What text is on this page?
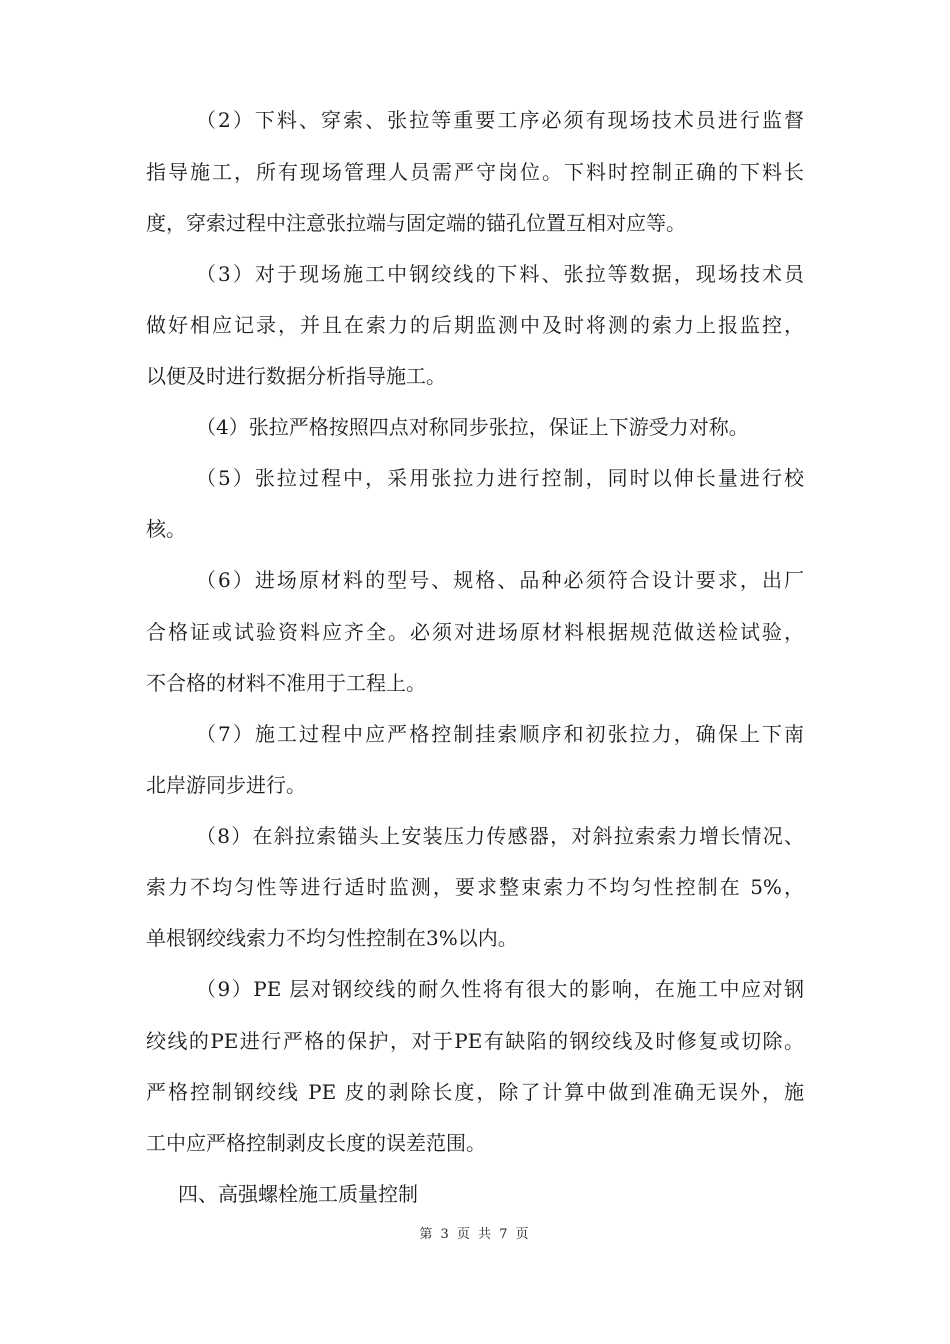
（2）下料、穿索、张拉等重要工序必须有现场技术员进行监督
指导施工，所有现场管理人员需严守岗位。下料时控制正确的下料长
度，穿索过程中注意张拉端与固定端的锚孔位置互相对应等。
（3）对于现场施工中钢绞线的下料、张拉等数据，现场技术员
做好相应记录，并且在索力的后期监测中及时将测的索力上报监控，
以便及时进行数据分析指导施工。
（4）张拉严格按照四点对称同步张拉，保证上下游受力对称。
（5）张拉过程中，采用张拉力进行控制，同时以伸长量进行校
核。
（6）进场原材料的型号、规格、品种必须符合设计要求，出厂
合格证或试验资料应齐全。必须对进场原材料根据规范做送检试验，
不合格的材料不准用于工程上。
（7）施工过程中应严格控制挂索顺序和初张拉力，确保上下南
北岸游同步进行。
（8）在斜拉索锚头上安装压力传感器，对斜拉索索力增长情况、
索力不均匀性等进行适时监测，要求整束索力不均匀性控制在 5%，
单根钢绞线索力不均匀性控制在3%以内。
（9）PE 层对钢绞线的耐久性将有很大的影响，在施工中应对钢
绞线的PE进行严格的保护，对于PE有缺陷的钢绞线及时修复或切除。
严格控制钢绞线 PE 皮的剥除长度，除了计算中做到准确无误外，施
工中应严格控制剥皮长度的误差范围。
四、高强螺栓施工质量控制
第 3 页 共 7 页
